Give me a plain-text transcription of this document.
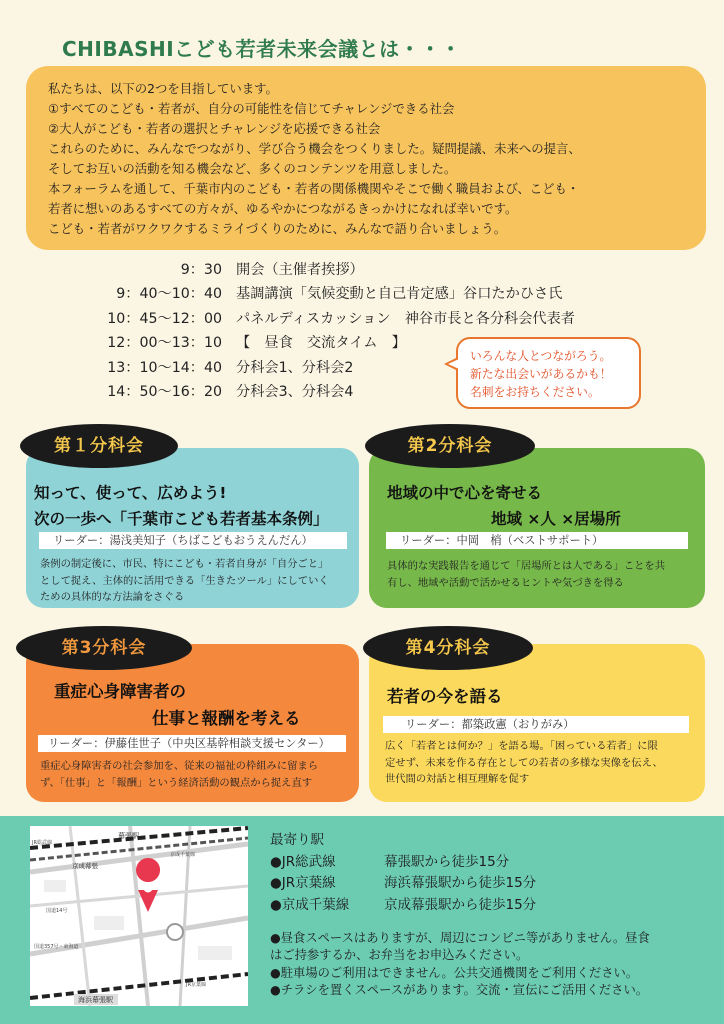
CHIBASHIこども若者未来会議とは・・・

私たちは、以下の2つを目指しています。

①すべてのこども・若者が、自分の可能性を信じてチャレンジできる社会

②大人がこども・若者の選択とチャレンジを応援できる社会

これらのために、みんなでつながり、学び合う機会をつくりました。疑問提議、未来への提言、

そしてお互いの活動を知る機会など、多くのコンテンツを用意しました。

本フォーラムを通して、千葉市内のこども・若者の関係機関やそこで働く職員および、こども・

若者に想いのあるすべての方々が、ゆるやかにつながるきっかけになれば幸いです。

こども・若者がワクワクするミライづくりのために、みんなで語り合いましょう。

9：30 開会（主催者挨拶）
9：40～10：40 基調講演「気候変動と自己肯定感」谷口たかひさ氏
10：45～12：00 パネルディスカッション　神谷市長と各分科会代表者
12：00～13：10 【　昼食　交流タイム　】
13：10～14：40 分科会1、分科会2
14：50～16：20 分科会3、分科会4
いろんな人とつながろう。
新たな出会いがあるかも！
名刺をお持ちください。
知って、使って、広めよう!
次の一歩へ「千葉市こども若者基本条例」
リーダー：湯浅美知子（ちばこどもおうえんだん）
条例の制定後に、市民、特にこども・若者自身が「自分ごと」
として捉え、主体的に活用できる「生きたツール」にしていく
ための具体的な方法論をさぐる
第１分科会
地域の中で心を寄せる
地域 ×人 ×居場所
リーダー：中岡　梢（ベストサポート）
具体的な実践報告を通じて「居場所とは人である」ことを共
有し、地域や活動で活かせるヒントや気づきを得る
第2分科会
重症心身障害者の
仕事と報酬を考える
リーダー：伊藤佳世子（中央区基幹相談支援センター）
重症心身障害者の社会参加を、従来の福祉の枠組みに留まら
ず、「仕事」と「報酬」という経済活動の観点から捉え直す
第3分科会
若者の今を語る
リーダー：都築政憲（おりがみ）
広く「若者とは何か？」を語る場。「困っている若者」に限
定せず、未来を作る存在としての若者の多様な実像を伝え、
世代間の対話と相互理解を促す
第4分科会
幕張駅
JR総武線
京成幕張
京成千葉線
国道14号
国道357号・東海道
JR京葉線
海浜幕張駅
最寄り駅
●JR総武線	幕張駅から徒歩15分
●JR京葉線	海浜幕張駅から徒歩15分
●京成千葉線	京成幕張駅から徒歩15分
●昼食スペースはありますが、周辺にコンビニ等がありません。昼食
はご持参するか、お弁当をお申込みください。
●駐車場のご利用はできません。公共交通機関をご利用ください。
●チラシを置くスペースがあります。交流・宣伝にご活用ください。
